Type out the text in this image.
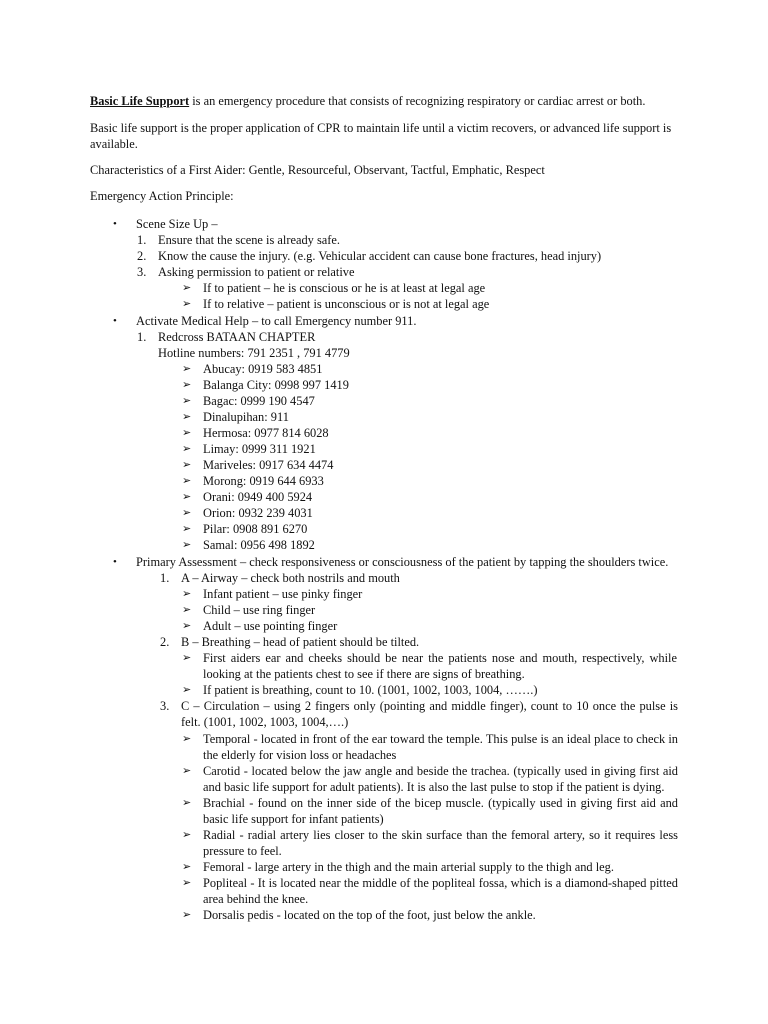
Basic Life Support is an emergency procedure that consists of recognizing respiratory or cardiac arrest or both.
Basic life support is the proper application of CPR to maintain life until a victim recovers, or advanced life support is available.
Characteristics of a First Aider: Gentle, Resourceful, Observant, Tactful, Emphatic, Respect
Emergency Action Principle:
• Scene Size Up –
1. Ensure that the scene is already safe.
2. Know the cause the injury. (e.g. Vehicular accident can cause bone fractures, head injury)
3. Asking permission to patient or relative
➢ If to patient – he is conscious or he is at least at legal age
➢ If to relative – patient is unconscious or is not at legal age
• Activate Medical Help – to call Emergency number 911.
1. Redcross BATAAN CHAPTER
Hotline numbers: 791 2351 , 791 4779
➢ Abucay: 0919 583 4851
➢ Balanga City: 0998 997 1419
➢ Bagac: 0999 190 4547
➢ Dinalupihan: 911
➢ Hermosa: 0977 814 6028
➢ Limay: 0999 311 1921
➢ Mariveles: 0917 634 4474
➢ Morong: 0919 644 6933
➢ Orani: 0949 400 5924
➢ Orion: 0932 239 4031
➢ Pilar: 0908 891 6270
➢ Samal: 0956 498 1892
• Primary Assessment – check responsiveness or consciousness of the patient by tapping the shoulders twice.
1. A – Airway – check both nostrils and mouth
➢ Infant patient – use pinky finger
➢ Child – use ring finger
➢ Adult – use pointing finger
2. B – Breathing – head of patient should be tilted.
➢ First aiders ear and cheeks should be near the patients nose and mouth, respectively, while looking at the patients chest to see if there are signs of breathing.
➢ If patient is breathing, count to 10. (1001, 1002, 1003, 1004, …….)
3. C – Circulation – using 2 fingers only (pointing and middle finger), count to 10 once the pulse is felt. (1001, 1002, 1003, 1004,….)
➢ Temporal - located in front of the ear toward the temple. This pulse is an ideal place to check in the elderly for vision loss or headaches
➢ Carotid - located below the jaw angle and beside the trachea. (typically used in giving first aid and basic life support for adult patients). It is also the last pulse to stop if the patient is dying.
➢ Brachial - found on the inner side of the bicep muscle. (typically used in giving first aid and basic life support for infant patients)
➢ Radial - radial artery lies closer to the skin surface than the femoral artery, so it requires less pressure to feel.
➢ Femoral - large artery in the thigh and the main arterial supply to the thigh and leg.
➢ Popliteal - It is located near the middle of the popliteal fossa, which is a diamond-shaped pitted area behind the knee.
➢ Dorsalis pedis - located on the top of the foot, just below the ankle.
